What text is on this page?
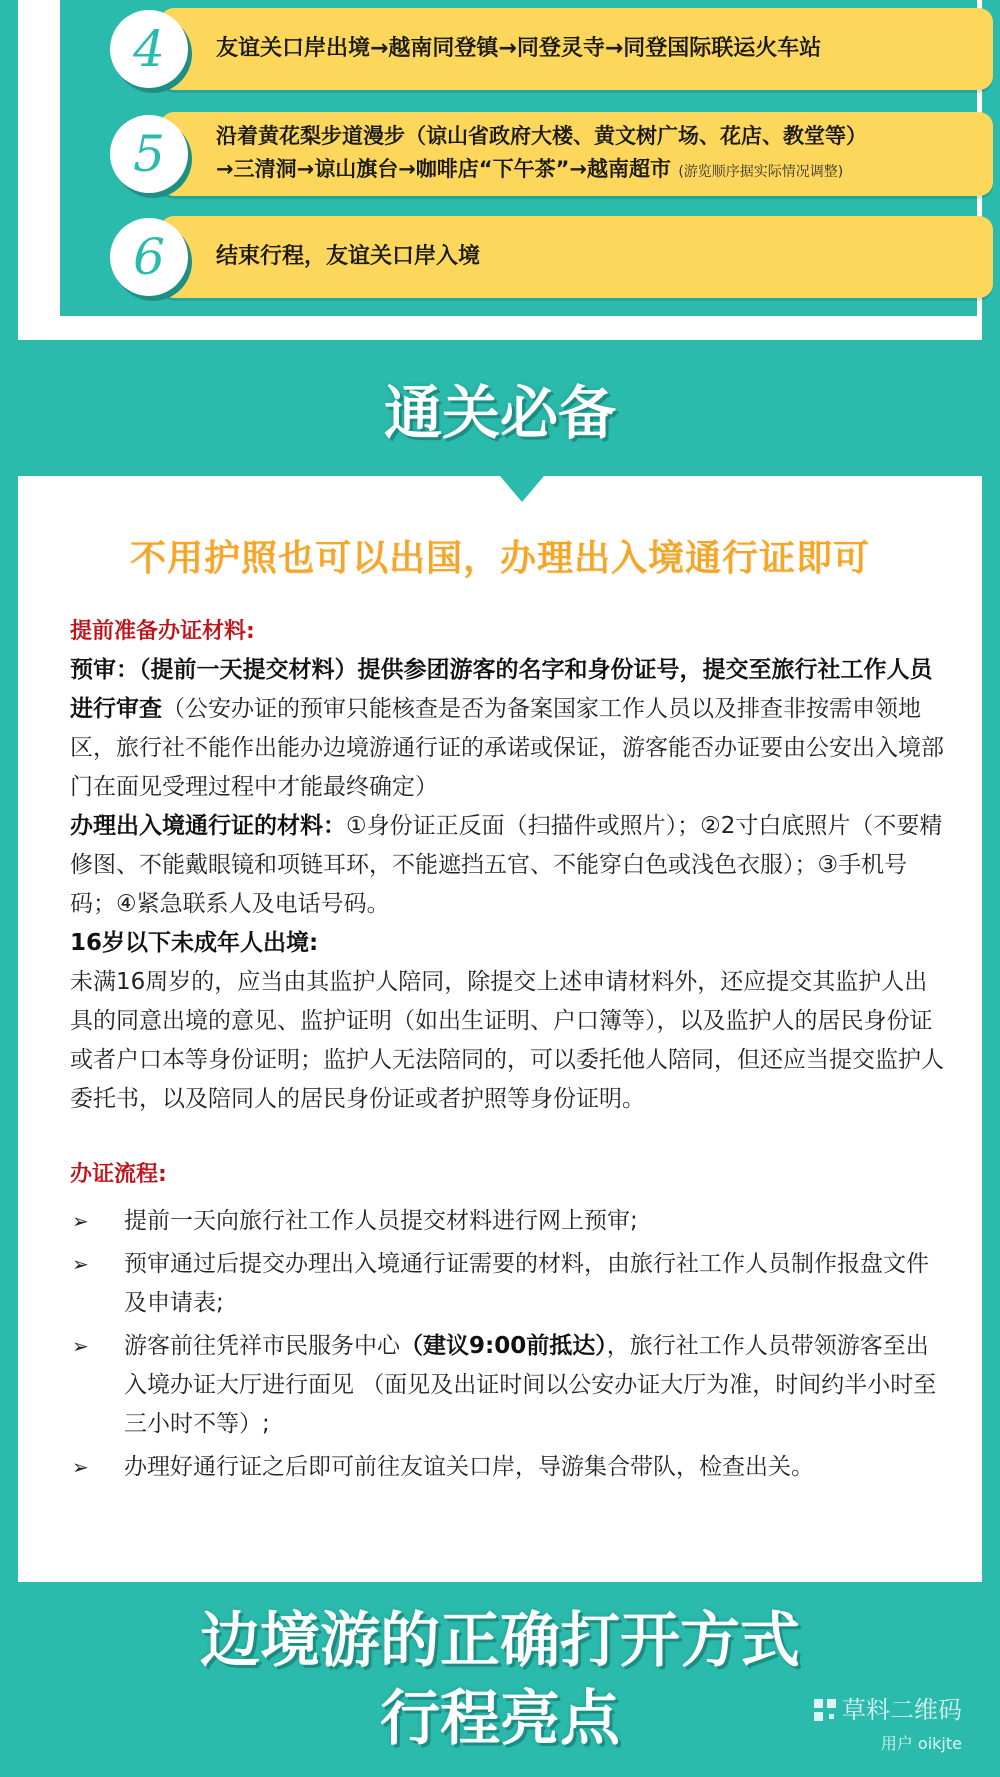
4	友谊关口岸出境→越南同登镇→同登灵寺→同登国际联运火车站
5	沿着黄花梨步道漫步（谅山省政府大楼、黄文树广场、花店、教堂等）
→三清洞→谅山旗台→咖啡店“下午茶”→越南超市 (游览顺序据实际情况调整)
6	结束行程，友谊关口岸入境
通关必备
不用护照也可以出国，办理出入境通行证即可

提前准备办证材料:

预审：（提前一天提交材料）提供参团游客的名字和身份证号，提交至旅行社工作人员进行审查（公安办证的预审只能核查是否为备案国家工作人员以及排查非按需申领地区，旅行社不能作出能办边境游通行证的承诺或保证，游客能否办证要由公安出入境部门在面见受理过程中才能最终确定）

办理出入境通行证的材料：①身份证正反面（扫描件或照片）；②2寸白底照片（不要精修图、不能戴眼镜和项链耳环，不能遮挡五官、不能穿白色或浅色衣服）；③手机号码；④紧急联系人及电话号码。

16岁以下未成年人出境:

未满16周岁的，应当由其监护人陪同，除提交上述申请材料外，还应提交其监护人出具的同意出境的意见、监护证明（如出生证明、户口簿等），以及监护人的居民身份证或者户口本等身份证明；监护人无法陪同的，可以委托他人陪同，但还应当提交监护人委托书，以及陪同人的居民身份证或者护照等身份证明。

办证流程:

➢ 提前一天向旅行社工作人员提交材料进行网上预审;
➢ 预审通过后提交办理出入境通行证需要的材料，由旅行社工作人员制作报盘文件及申请表;
➢ 游客前往凭祥市民服务中心（建议9:00前抵达），旅行社工作人员带领游客至出入境办证大厅进行面见 （面见及出证时间以公安办证大厅为准，时间约半小时至三小时不等）;
➢ 办理好通行证之后即可前往友谊关口岸，导游集合带队，检查出关。
边境游的正确打开方式
行程亮点	草料二维码
用户 oikjte
